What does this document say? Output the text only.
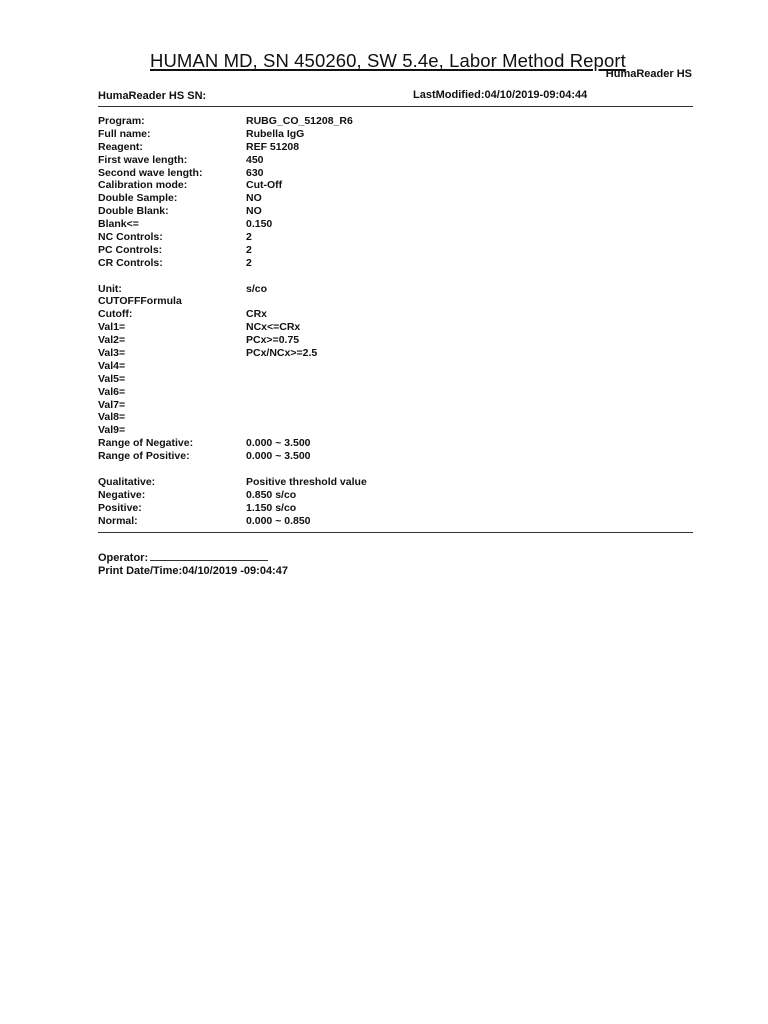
HUMAN MD, SN 450260, SW 5.4e, Labor Method Report
HumaReader HS
HumaReader HS SN:	LastModified:04/10/2019-09:04:44
Program:	RUBG_CO_51208_R6
Full name:	Rubella IgG
Reagent:	REF 51208
First wave length:	450
Second wave length:	630
Calibration mode:	Cut-Off
Double Sample:	NO
Double Blank:	NO
Blank<=	0.150
NC Controls:	2
PC Controls:	2
CR Controls:	2
Unit:	s/co
CUTOFFFormula
Cutoff:	CRx
Val1=	NCx<=CRx
Val2=	PCx>=0.75
Val3=	PCx/NCx>=2.5
Val4=
Val5=
Val6=
Val7=
Val8=
Val9=
Range of Negative:	0.000 ~ 3.500
Range of Positive:	0.000 ~ 3.500
Qualitative:	Positive threshold value
Negative:	0.850 s/co
Positive:	1.150 s/co
Normal:	0.000 ~ 0.850
Operator:
Print Date/Time:04/10/2019 -09:04:47
